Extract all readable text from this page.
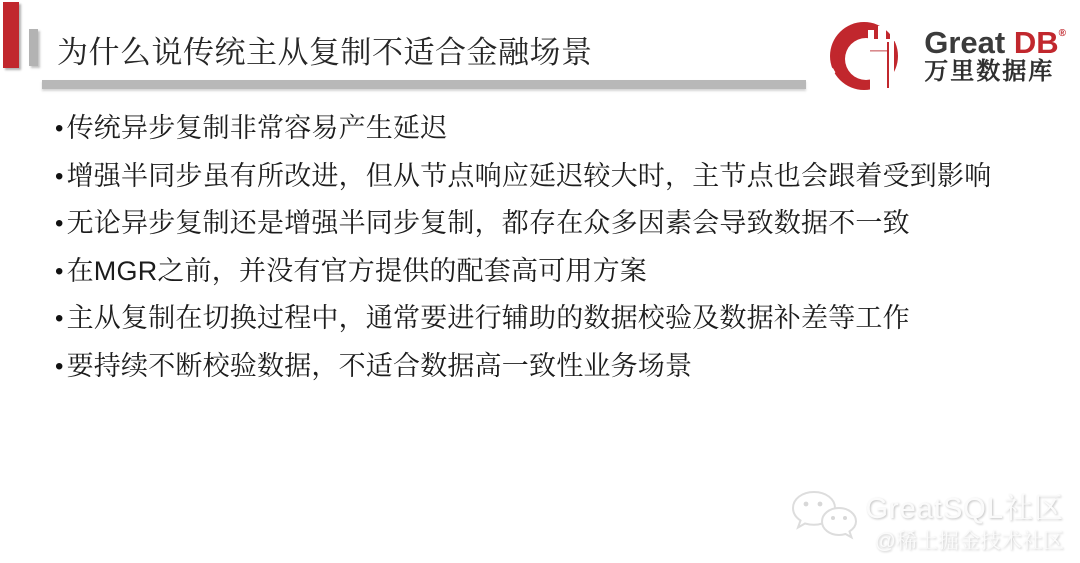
为什么说传统主从复制不适合金融场景	Great DB®
万里数据库
• 传统异步复制非常容易产生延迟
• 增强半同步虽有所改进，但从节点响应延迟较大时，主节点也会跟着受到影响
• 无论异步复制还是增强半同步复制，都存在众多因素会导致数据不一致
• 在MGR之前，并没有官方提供的配套高可用方案
• 主从复制在切换过程中，通常要进行辅助的数据校验及数据补差等工作
• 要持续不断校验数据，不适合数据高一致性业务场景
GreatSQL社区
@稀土掘金技术社区
